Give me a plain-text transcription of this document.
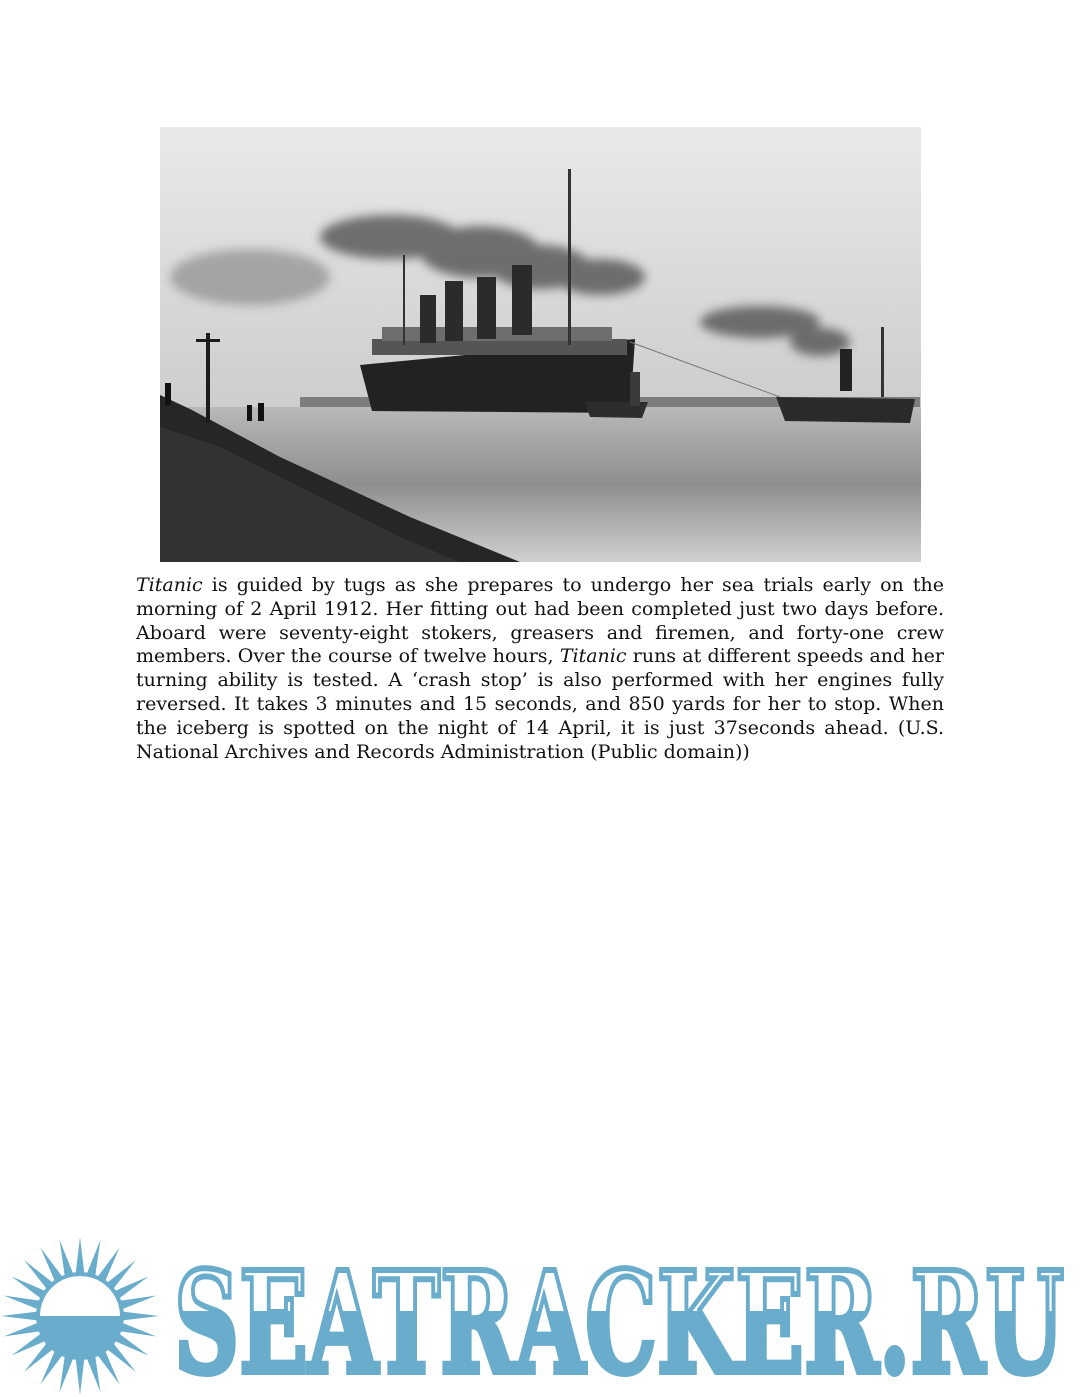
Titanic is guided by tugs as she prepares to undergo her sea trials early on the morning of 2 April 1912. Her fitting out had been completed just two days before. Aboard were seventy-eight stokers, greasers and firemen, and forty-one crew members. Over the course of twelve hours, Titanic runs at different speeds and her turning ability is tested. A ‘crash stop’ is also performed with her engines fully reversed. It takes 3 minutes and 15 seconds, and 850 yards for her to stop. When the iceberg is spotted on the night of 14 April, it is just 37seconds ahead. (U.S. National Archives and Records Administration (Public domain))

SEATRACKER.RU
